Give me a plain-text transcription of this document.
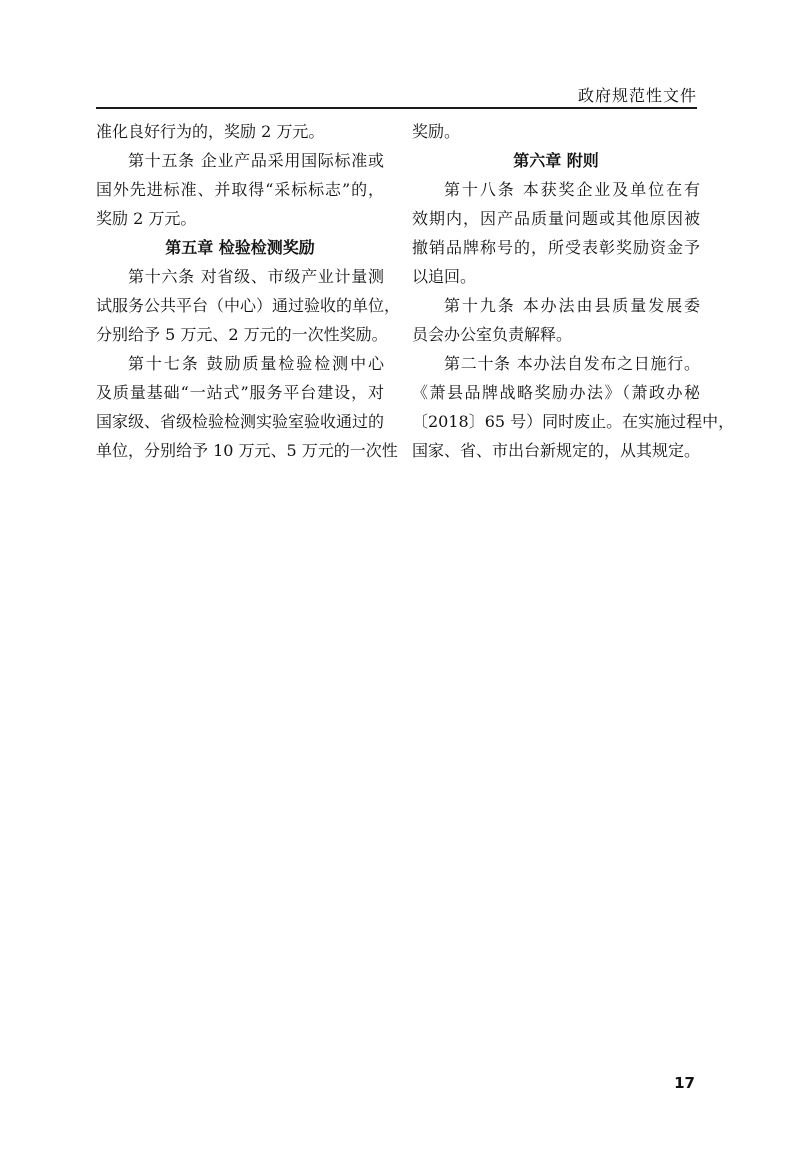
政府规范性文件
准化良好行为的，奖励 2 万元。
第十五条 企业产品采用国际标准或
国外先进标准、并取得“采标标志”的，
奖励 2 万元。
第五章 检验检测奖励
第十六条 对省级、市级产业计量测
试服务公共平台（中心）通过验收的单位，
分别给予 5 万元、2 万元的一次性奖励。
第十七条 鼓励质量检验检测中心
及质量基础“一站式”服务平台建设，对
国家级、省级检验检测实验室验收通过的
单位，分别给予 10 万元、5 万元的一次性
奖励。
第六章 附则
第十八条 本获奖企业及单位在有
效期内，因产品质量问题或其他原因被
撤销品牌称号的，所受表彰奖励资金予
以追回。
第十九条 本办法由县质量发展委
员会办公室负责解释。
第二十条 本办法自发布之日施行。
《萧县品牌战略奖励办法》（萧政办秘
〔2018〕65 号）同时废止。在实施过程中，
国家、省、市出台新规定的，从其规定。
17
